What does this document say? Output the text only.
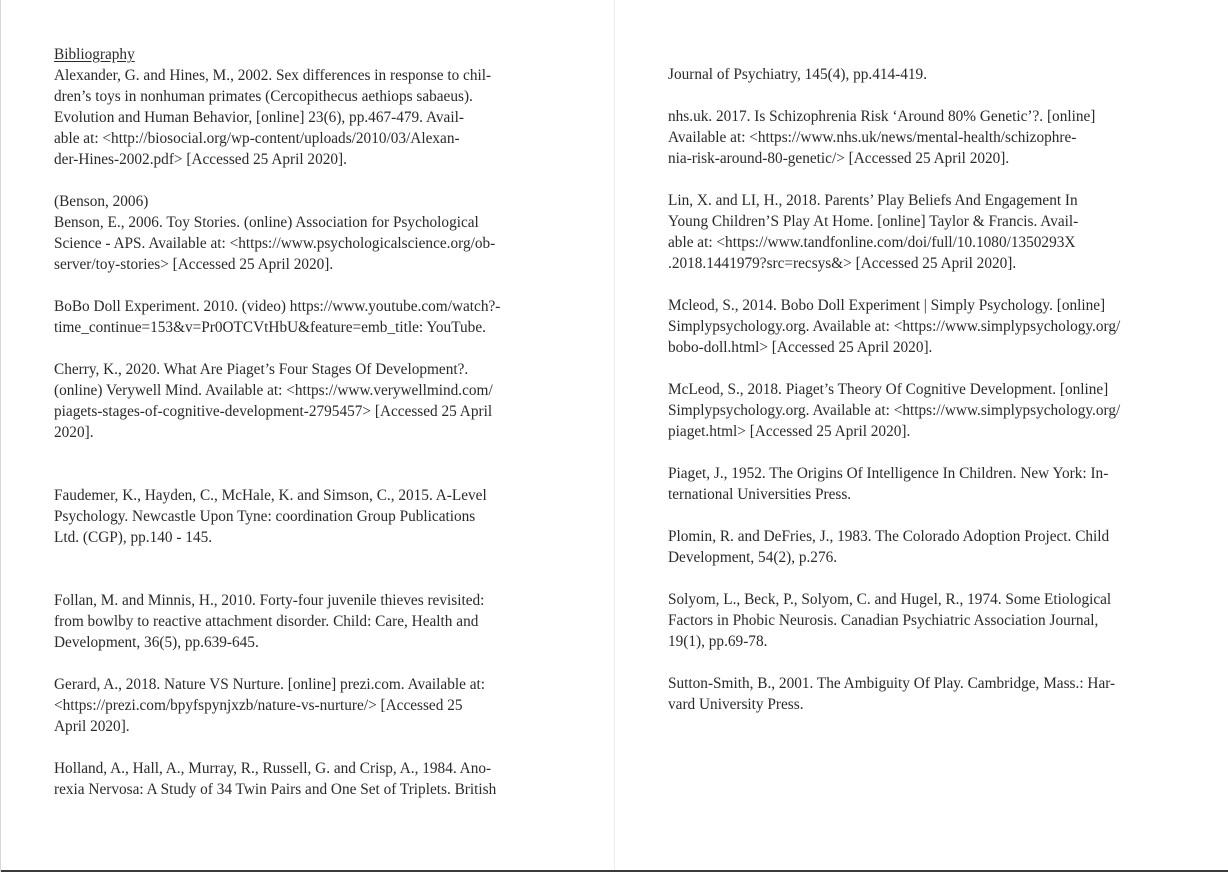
Bibliography
Alexander, G. and Hines, M., 2002. Sex differences in response to chil-
dren’s toys in nonhuman primates (Cercopithecus aethiops sabaeus).
Evolution and Human Behavior, [online] 23(6), pp.467-479. Avail-
able at: <http://biosocial.org/wp-content/uploads/2010/03/Alexan-
der-Hines-2002.pdf> [Accessed 25 April 2020].
(Benson, 2006)
Benson, E., 2006. Toy Stories. (online) Association for Psychological
Science - APS. Available at: <https://www.psychologicalscience.org/ob-
server/toy-stories> [Accessed 25 April 2020].
BoBo Doll Experiment. 2010. (video) https://www.youtube.com/watch?-
time_continue=153&v=Pr0OTCVtHbU&feature=emb_title: YouTube.
Cherry, K., 2020. What Are Piaget’s Four Stages Of Development?.
(online) Verywell Mind. Available at: <https://www.verywellmind.com/
piagets-stages-of-cognitive-development-2795457> [Accessed 25 April
2020].
Faudemer, K., Hayden, C., McHale, K. and Simson, C., 2015. A-Level
Psychology. Newcastle Upon Tyne: coordination Group Publications
Ltd. (CGP), pp.140 - 145.
Follan, M. and Minnis, H., 2010. Forty-four juvenile thieves revisited:
from bowlby to reactive attachment disorder. Child: Care, Health and
Development, 36(5), pp.639-645.
Gerard, A., 2018. Nature VS Nurture. [online] prezi.com. Available at:
<https://prezi.com/bpyfspynjxzb/nature-vs-nurture/> [Accessed 25
April 2020].
Holland, A., Hall, A., Murray, R., Russell, G. and Crisp, A., 1984. Ano-
rexia Nervosa: A Study of 34 Twin Pairs and One Set of Triplets. British
Journal of Psychiatry, 145(4), pp.414-419.
nhs.uk. 2017. Is Schizophrenia Risk ‘Around 80% Genetic’?. [online]
Available at: <https://www.nhs.uk/news/mental-health/schizophre-
nia-risk-around-80-genetic/> [Accessed 25 April 2020].
Lin, X. and LI, H., 2018. Parents’ Play Beliefs And Engagement In
Young Children’S Play At Home. [online] Taylor & Francis. Avail-
able at: <https://www.tandfonline.com/doi/full/10.1080/1350293X
.2018.1441979?src=recsys&> [Accessed 25 April 2020].
Mcleod, S., 2014. Bobo Doll Experiment | Simply Psychology. [online]
Simplypsychology.org. Available at: <https://www.simplypsychology.org/
bobo-doll.html> [Accessed 25 April 2020].
McLeod, S., 2018. Piaget’s Theory Of Cognitive Development. [online]
Simplypsychology.org. Available at: <https://www.simplypsychology.org/
piaget.html> [Accessed 25 April 2020].
Piaget, J., 1952. The Origins Of Intelligence In Children. New York: In-
ternational Universities Press.
Plomin, R. and DeFries, J., 1983. The Colorado Adoption Project. Child
Development, 54(2), p.276.
Solyom, L., Beck, P., Solyom, C. and Hugel, R., 1974. Some Etiological
Factors in Phobic Neurosis. Canadian Psychiatric Association Journal,
19(1), pp.69-78.
Sutton-Smith, B., 2001. The Ambiguity Of Play. Cambridge, Mass.: Har-
vard University Press.
